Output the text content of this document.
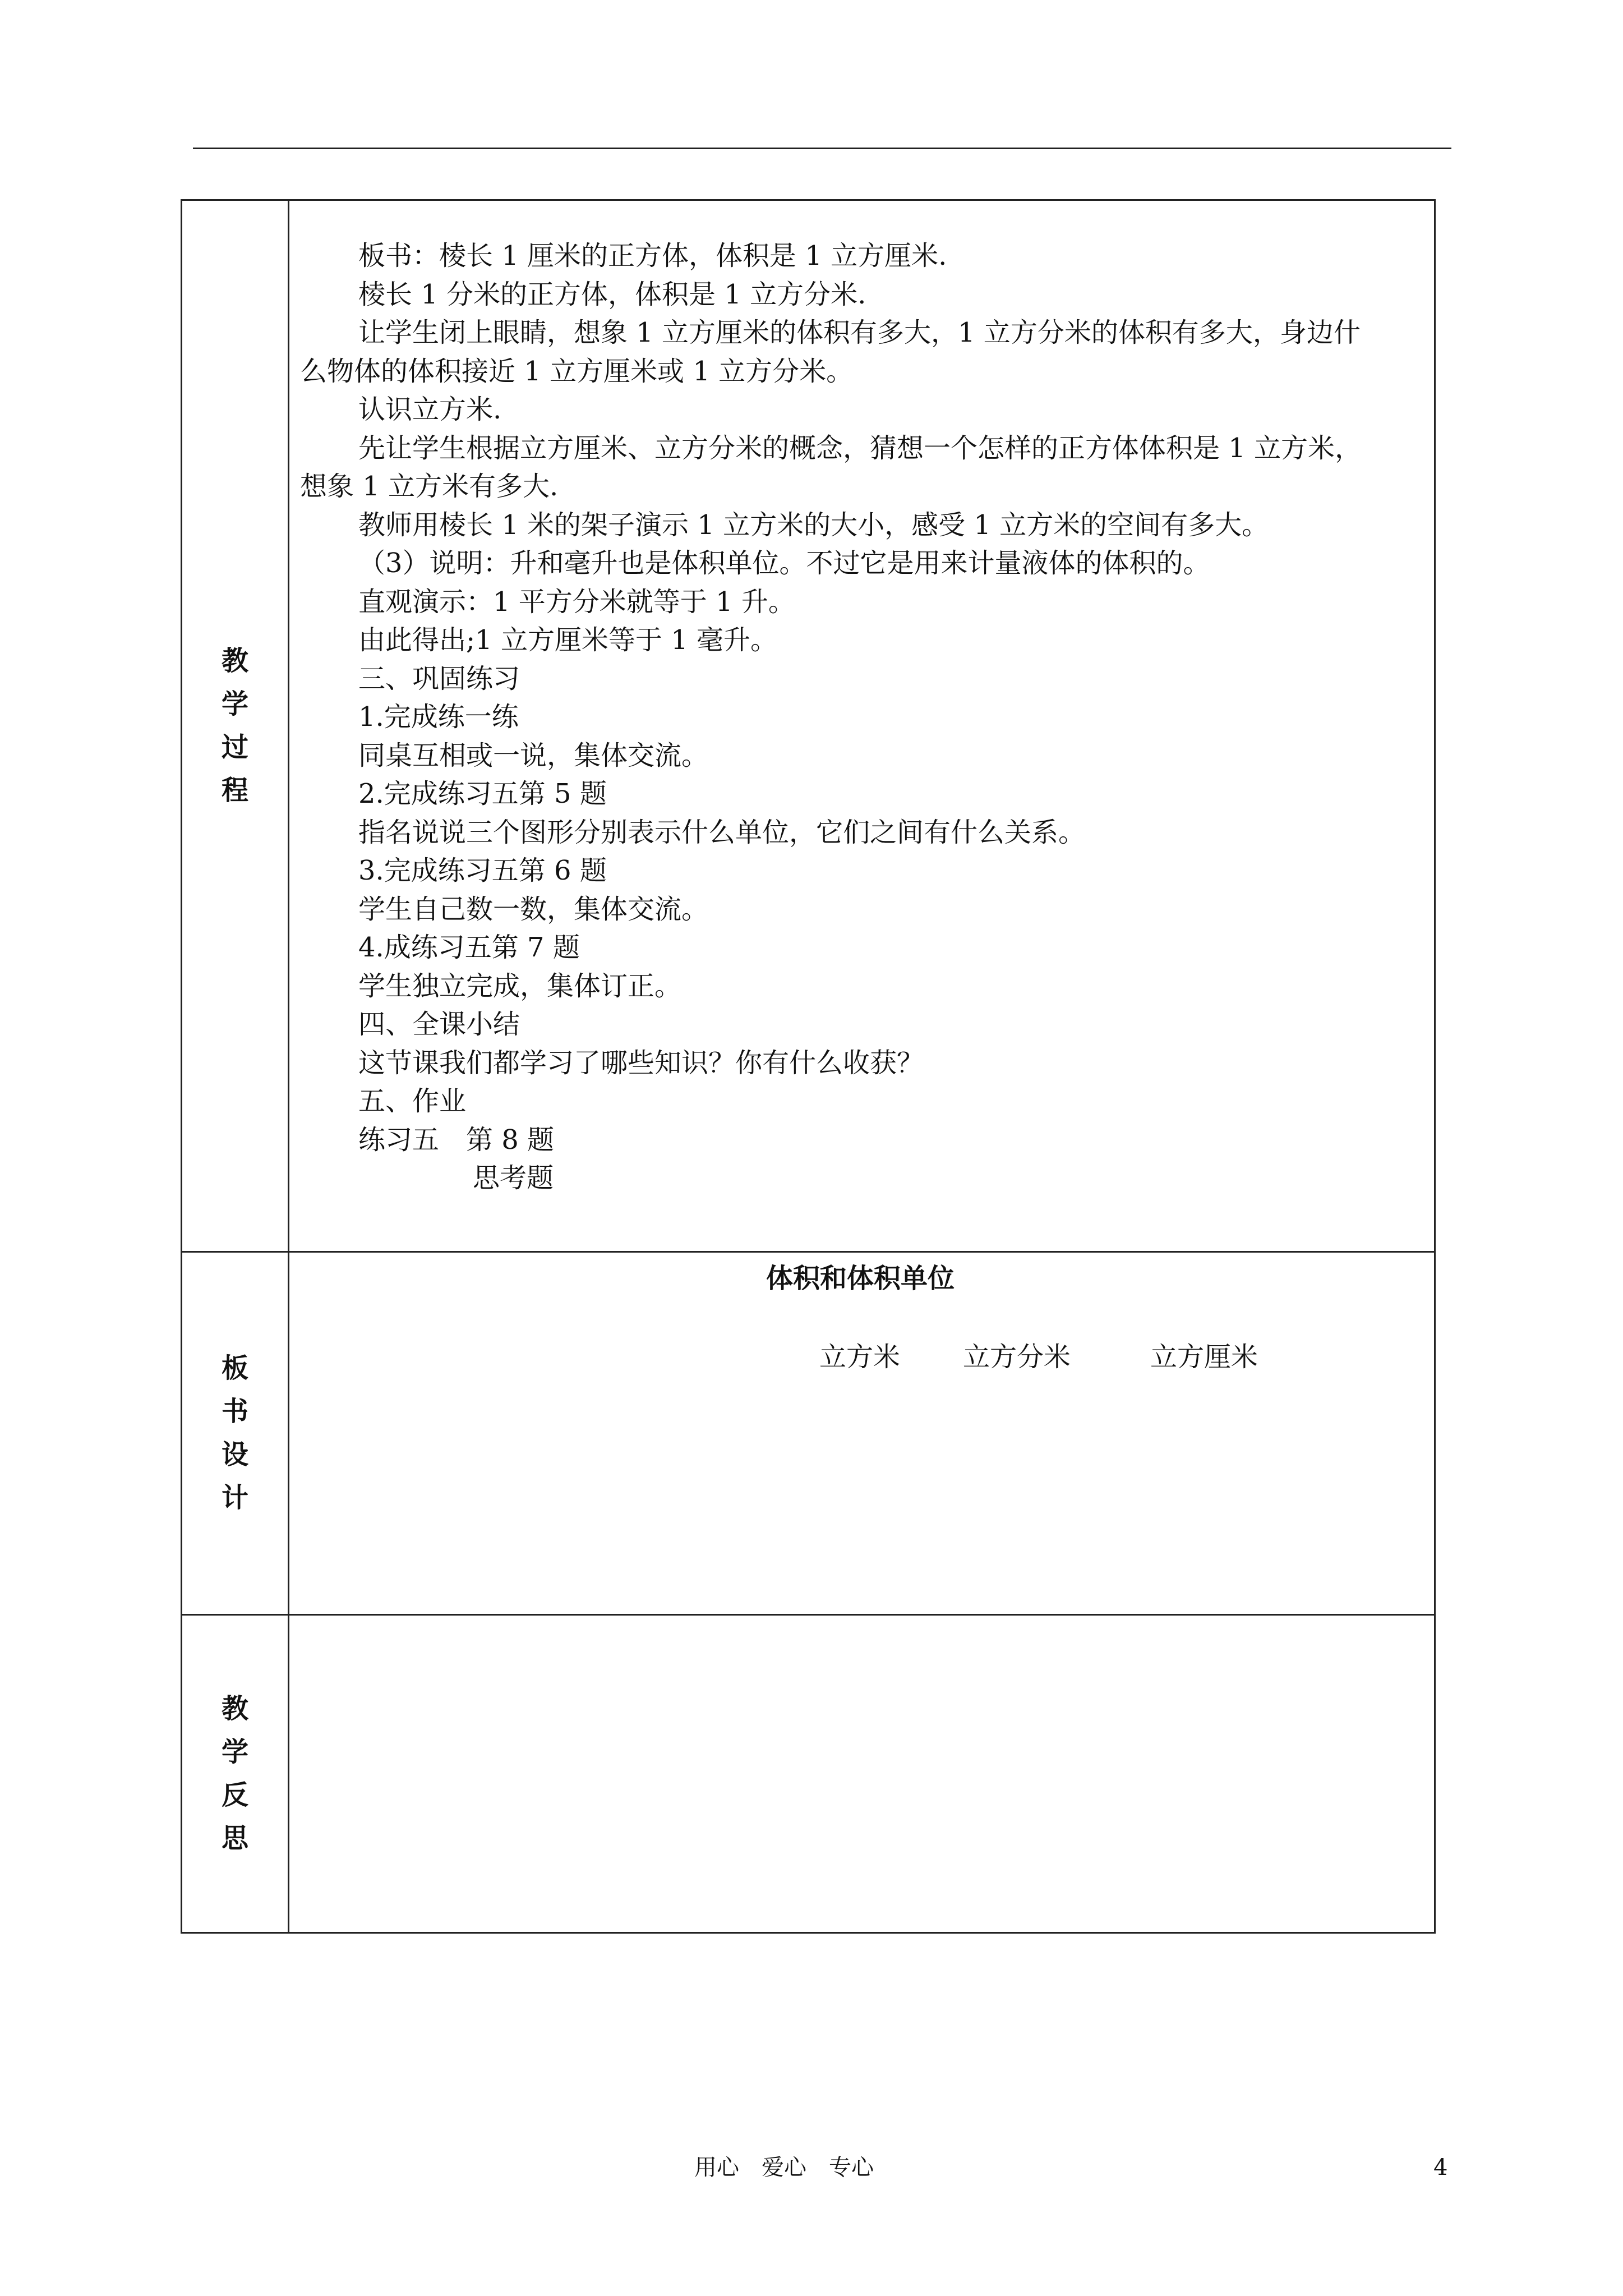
教
学
过
程
板书：棱长 1 厘米的正方体，体积是 1 立方厘米.
棱长 1 分米的正方体，体积是 1 立方分米.
让学生闭上眼睛，想象 1 立方厘米的体积有多大，1 立方分米的体积有多大，身边什
么物体的体积接近 1 立方厘米或 1 立方分米。
认识立方米.
先让学生根据立方厘米、立方分米的概念，猜想一个怎样的正方体体积是 1 立方米，
想象 1 立方米有多大.
教师用棱长 1 米的架子演示 1 立方米的大小，感受 1 立方米的空间有多大。
（3）说明：升和毫升也是体积单位。不过它是用来计量液体的体积的。
直观演示：1 平方分米就等于 1 升。
由此得出;1 立方厘米等于 1 毫升。
三、巩固练习
1.完成练一练
同桌互相或一说，集体交流。
2.完成练习五第 5 题
指名说说三个图形分别表示什么单位，它们之间有什么关系。
3.完成练习五第 6 题
学生自己数一数，集体交流。
4.成练习五第 7 题
学生独立完成，集体订正。
四、全课小结
这节课我们都学习了哪些知识？你有什么收获？
五、作业
练习五　第 8 题
思考题
板
书
设
计
体积和体积单位
立方米 立方分米	立方厘米
教
学
反
思
用心　爱心　专心	4
